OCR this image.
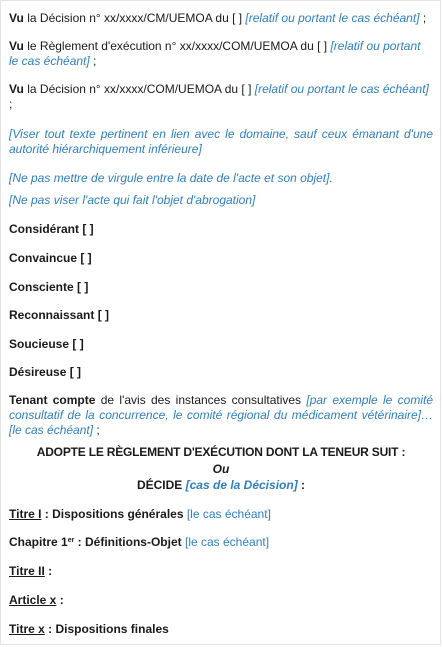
Vu la Décision n° xx/xxxx/CM/UEMOA du [ ] [relatif ou portant le cas échéant] ;

Vu le Règlement d'exécution n° xx/xxxx/COM/UEMOA du [ ] [relatif ou portant le cas échéant] ;

Vu la Décision n° xx/xxxx/COM/UEMOA du [ ] [relatif ou portant le cas échéant] ;

[Viser tout texte pertinent en lien avec le domaine, sauf ceux émanant d'une autorité hiérarchiquement inférieure]

[Ne pas mettre de virgule entre la date de l'acte et son objet].

[Ne pas viser l'acte qui fait l'objet d'abrogation]

Considérant [ ]

Convaincue [ ]

Consciente [ ]

Reconnaissant [ ]

Soucieuse [ ]

Désireuse [ ]

Tenant compte de l'avis des instances consultatives [par exemple le comité consultatif de la concurrence, le comité régional du médicament vétérinaire]…[le cas échéant] ;

ADOPTE LE RÈGLEMENT D'EXÉCUTION DONT LA TENEUR SUIT :

Ou

DÉCIDE [cas de la Décision] :

Titre I : Dispositions générales [le cas échéant]

Chapitre 1er : Définitions-Objet [le cas échéant]

Titre II :

Article x :

Titre x : Dispositions finales
